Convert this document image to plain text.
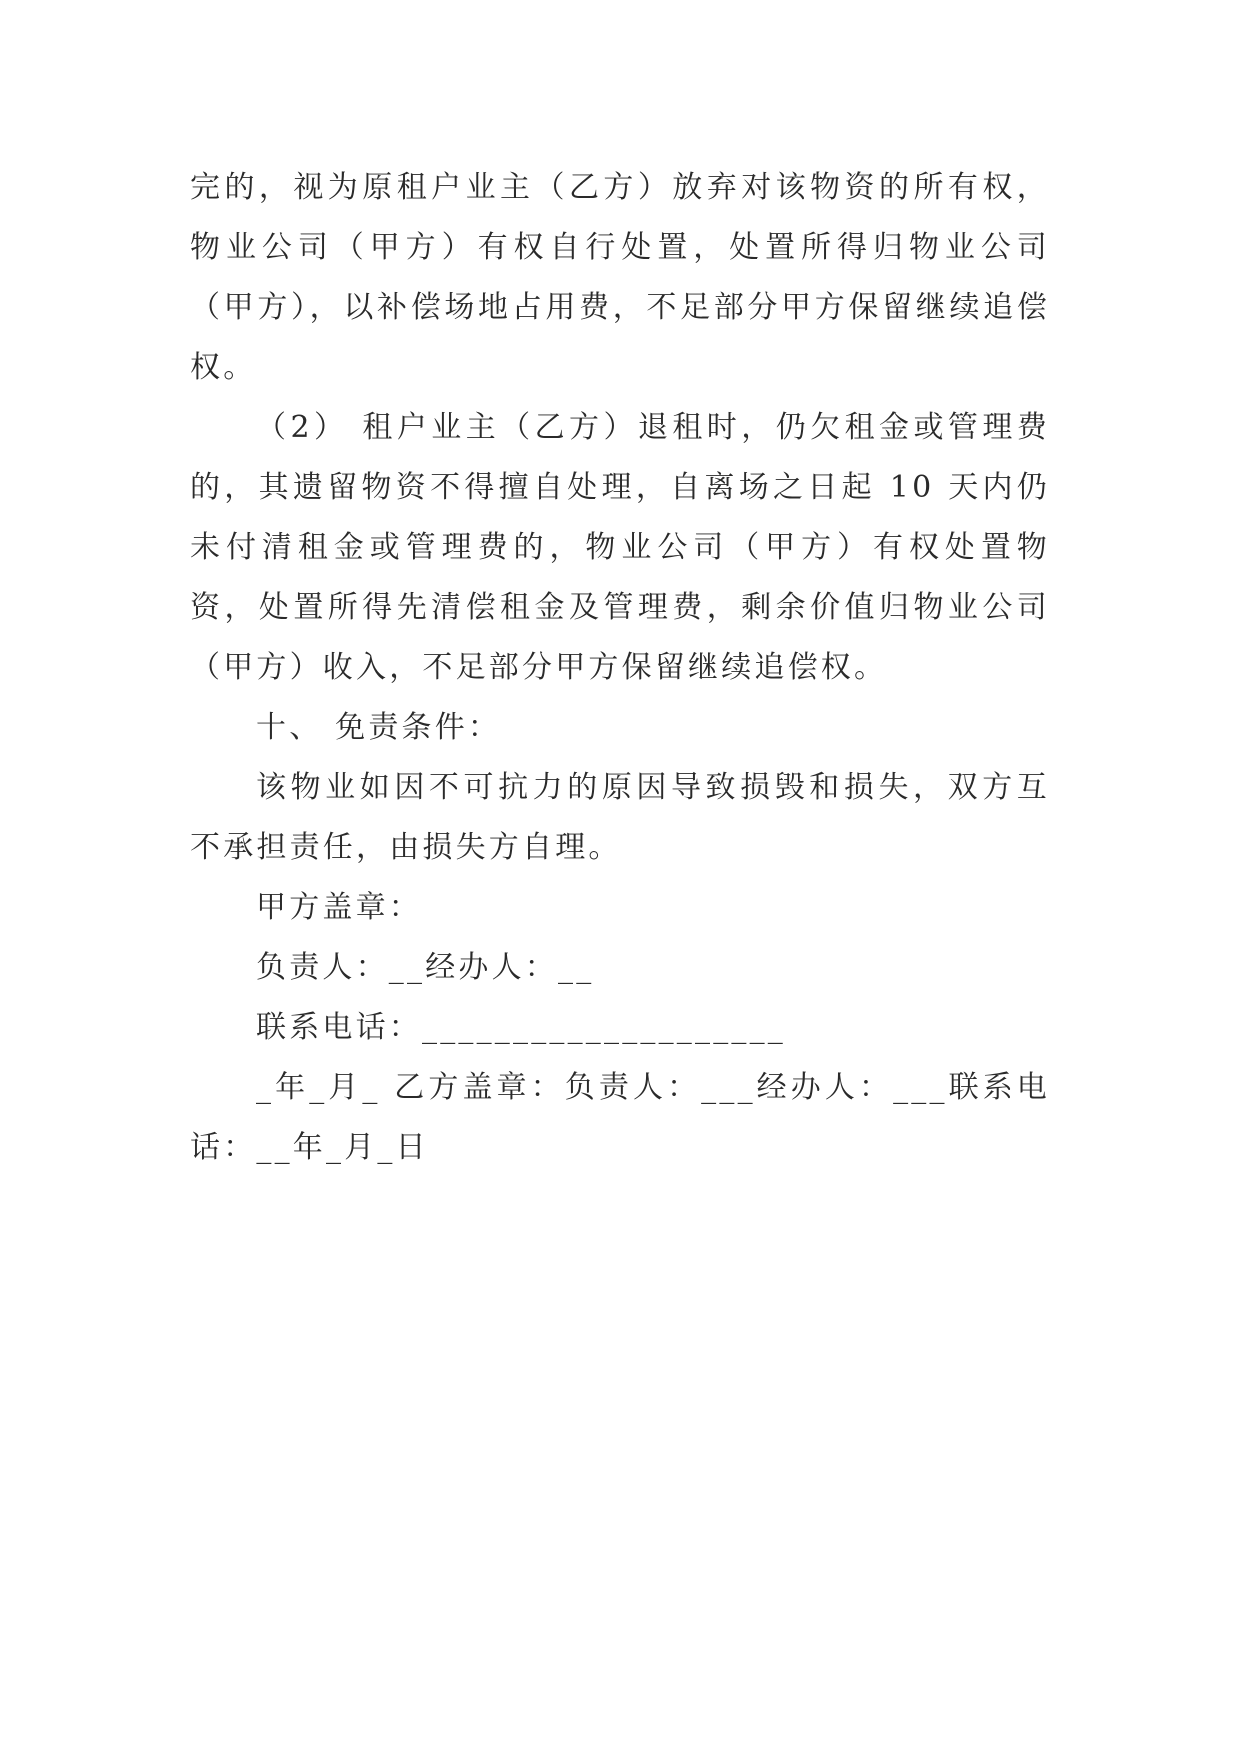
完的，视为原租户业主（乙方）放弃对该物资的所有权，物业公司（甲方）有权自行处置，处置所得归物业公司（甲方），以补偿场地占用费，不足部分甲方保留继续追偿权。

（2） 租户业主（乙方）退租时，仍欠租金或管理费的，其遗留物资不得擅自处理，自离场之日起 10 天内仍未付清租金或管理费的，物业公司（甲方）有权处置物资，处置所得先清偿租金及管理费，剩余价值归物业公司（甲方）收入，不足部分甲方保留继续追偿权。

十、 免责条件：

该物业如因不可抗力的原因导致损毁和损失，双方互不承担责任，由损失方自理。

甲方盖章：

负责人：__经办人：__

联系电话：____________________

_年_月_ 乙方盖章：负责人：___经办人：___联系电话：__年_月_日
